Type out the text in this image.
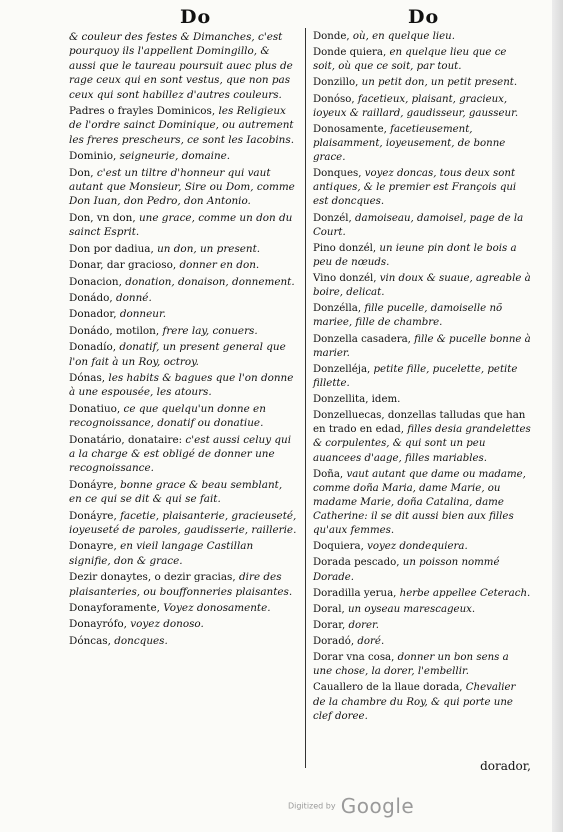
Do	Do
& couleur des festes & Dimanches, c'est pourquoy ils l'appellent Domingillo, & aussi que le taureau poursuit auec plus de rage ceux qui en sont vestus, que non pas ceux qui sont habillez d'autres couleurs.
Padres o frayles Dominicos, les Religieux de l'ordre sainct Dominique, ou autrement les freres prescheurs, ce sont les Iacobins.
Dominio, seigneurie, domaine.
Don, c'est un tiltre d'honneur qui vaut autant que Monsieur, Sire ou Dom, comme Don Iuan, don Pedro, don Antonio.
Don, vn don, une grace, comme un don du sainct Esprit.
Don por dadiua, un don, un present.
Donar, dar gracioso, donner en don.
Donacion, donation, donaison, donnement.
Donádo, donné.
Donador, donneur.
Donádo, motilon, frere lay, conuers.
Donadío, donatif, un present general que l'on fait à un Roy, octroy.
Dónas, les habits & bagues que l'on donne à une espousée, les atours.
Donatiuo, ce que quelqu'un donne en recognoissance, donatif ou donatiue.
Donatário, donataire: c'est aussi celuy qui a la charge & est obligé de donner une recognoissance.
Donáyre, bonne grace & beau semblant, en ce qui se dit & qui se fait.
Donáyre, facetie, plaisanterie, gracieuseté, ioyeuseté de paroles, gaudisserie, raillerie.
Donayre, en vieil langage Castillan signifie, don & grace.
Dezir donaytes, o dezir gracias, dire des plaisanteries, ou bouffonneries plaisantes.
Donayforamente, Voyez donosamente.
Donayrófo, voyez donoso.
Dóncas, doncques.
Donde, où, en quelque lieu.
Donde quiera, en quelque lieu que ce soit, où que ce soit, par tout.
Donzillo, un petit don, un petit present.
Donóso, facetieux, plaisant, gracieux, ioyeux & raillard, gaudisseur, gausseur.
Donosamente, facetieusement, plaisamment, ioyeusement, de bonne grace.
Donques, voyez doncas, tous deux sont antiques, & le premier est François qui est doncques.
Donzél, damoiseau, damoisel, page de la Court.
Pino donzél, un ieune pin dont le bois a peu de nœuds.
Vino donzél, vin doux & suaue, agreable à boire, delicat.
Donzélla, fille pucelle, damoiselle nõ mariee, fille de chambre.
Donzella casadera, fille & pucelle bonne à marier.
Donzelléja, petite fille, pucelette, petite fillette.
Donzellita, idem.
Donzelluecas, donzellas talludas que han en trado en edad, filles desia grandelettes & corpulentes, & qui sont un peu auancees d'aage, filles mariables.
Doña, vaut autant que dame ou madame, comme doña Maria, dame Marie, ou madame Marie, doña Catalina, dame Catherine: il se dit aussi bien aux filles qu'aux femmes.
Doquiera, voyez dondequiera.
Dorada pescado, un poisson nommé Dorade.
Doradilla yerua, herbe appellee Ceterach.
Doral, un oyseau marescageux.
Dorar, dorer.
Doradó, doré.
Dorar vna cosa, donner un bon sens a une chose, la dorer, l'embellir.
Cauallero de la llaue dorada, Chevalier de la chambre du Roy, & qui porte une clef doree.
dorador,
Digitized by Google
